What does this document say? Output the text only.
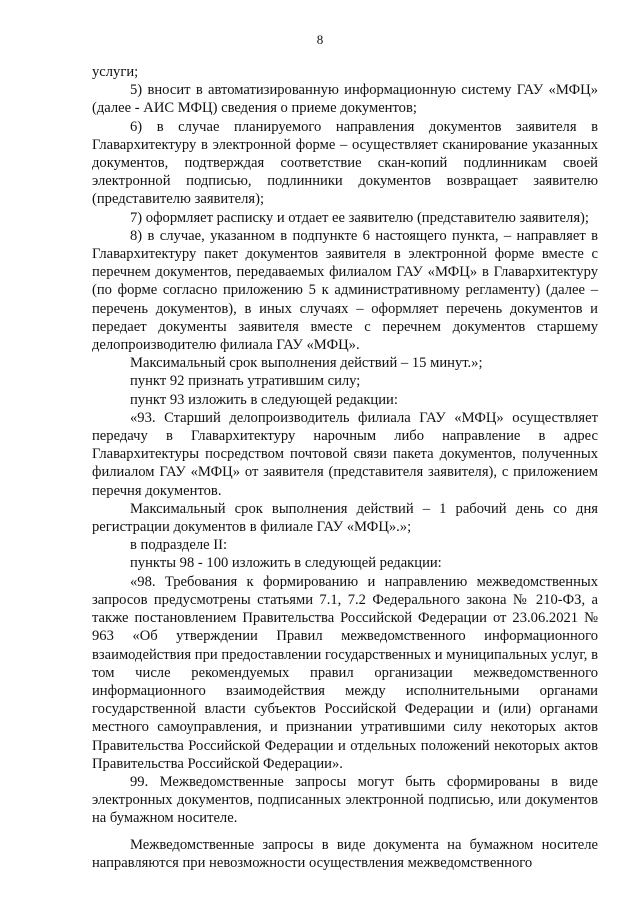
8

услуги;

5) вносит в автоматизированную информационную систему ГАУ «МФЦ» (далее - АИС МФЦ) сведения о приеме документов;

6) в случае планируемого направления документов заявителя в Главархитектуру в электронной форме – осуществляет сканирование указанных документов, подтверждая соответствие скан-копий подлинникам своей электронной подписью, подлинники документов возвращает заявителю (представителю заявителя);

7) оформляет расписку и отдает ее заявителю (представителю заявителя);

8) в случае, указанном в подпункте 6 настоящего пункта, – направляет в Главархитектуру пакет документов заявителя в электронной форме вместе с перечнем документов, передаваемых филиалом ГАУ «МФЦ» в Главархитектуру (по форме согласно приложению 5 к административному регламенту) (далее – перечень документов), в иных случаях – оформляет перечень документов и передает документы заявителя вместе с перечнем документов старшему делопроизводителю филиала ГАУ «МФЦ».

Максимальный срок выполнения действий – 15 минут.»;

пункт 92 признать утратившим силу;

пункт 93 изложить в следующей редакции:

«93. Старший делопроизводитель филиала ГАУ «МФЦ» осуществляет передачу в Главархитектуру нарочным либо направление в адрес Главархитектуры посредством почтовой связи пакета документов, полученных филиалом ГАУ «МФЦ» от заявителя (представителя заявителя), с приложением перечня документов.

Максимальный срок выполнения действий – 1 рабочий день со дня регистрации документов в филиале ГАУ «МФЦ».»;

в подразделе II:

пункты 98 - 100 изложить в следующей редакции:

«98. Требования к формированию и направлению межведомственных запросов предусмотрены статьями 7.1, 7.2 Федерального закона № 210-ФЗ, а также постановлением Правительства Российской Федерации от 23.06.2021 № 963 «Об утверждении Правил межведомственного информационного взаимодействия при предоставлении государственных и муниципальных услуг, в том числе рекомендуемых правил организации межведомственного информационного взаимодействия между исполнительными органами государственной власти субъектов Российской Федерации и (или) органами местного самоуправления, и признании утратившими силу некоторых актов Правительства Российской Федерации и отдельных положений некоторых актов Правительства Российской Федерации».

99. Межведомственные запросы могут быть сформированы в виде электронных документов, подписанных электронной подписью, или документов на бумажном носителе.

Межведомственные запросы в виде документа на бумажном носителе направляются при невозможности осуществления межведомственного
